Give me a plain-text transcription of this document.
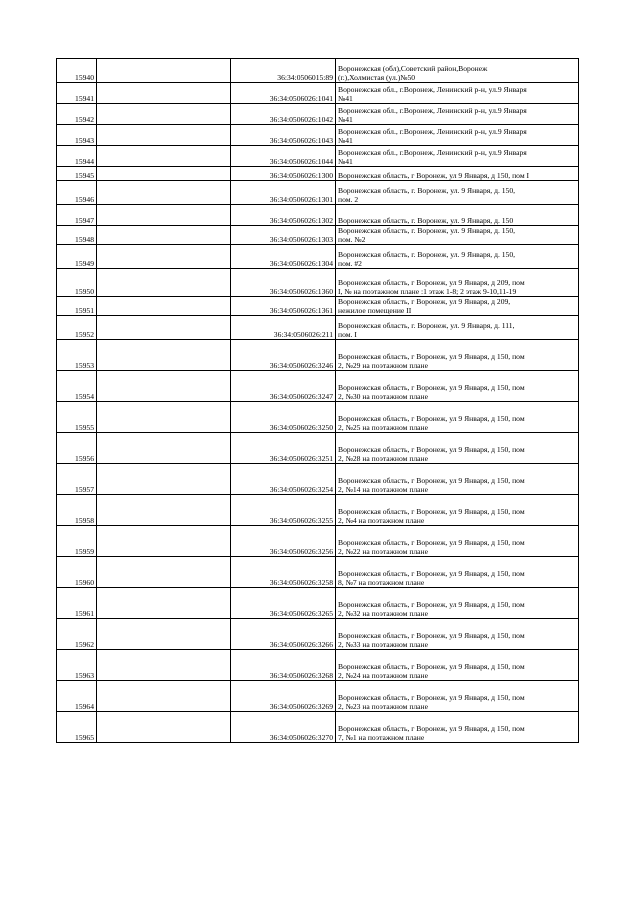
15940		36:34:0506015:89	Воронежская (обл),Советский район,Воронеж
(г.),Холмистая (ул.)№50
15941		36:34:0506026:1041	Воронежская обл., г.Воронеж, Ленинский р-н, ул.9 Января
№41
15942		36:34:0506026:1042	Воронежская обл., г.Воронеж, Ленинский р-н, ул.9 Января
№41
15943		36:34:0506026:1043	Воронежская обл., г.Воронеж, Ленинский р-н, ул.9 Января
№41
15944		36:34:0506026:1044	Воронежская обл., г.Воронеж, Ленинский р-н, ул.9 Января
№41
15945		36:34:0506026:1300	Воронежская область, г Воронеж, ул 9 Января, д 150, пом I
15946		36:34:0506026:1301	Воронежская область, г. Воронеж, ул. 9 Января, д. 150,
пом. 2
15947		36:34:0506026:1302	Воронежская область, г. Воронеж, ул. 9 Января, д. 150
15948		36:34:0506026:1303	Воронежская область, г. Воронеж, ул. 9 Января, д. 150,
пом. №2
15949		36:34:0506026:1304	Воронежская область, г. Воронеж, ул. 9 Января, д. 150,
пом. #2
15950		36:34:0506026:1360	Воронежская область, г Воронеж, ул 9 Января, д 209, пом
I, № на поэтажном плане :1 этаж 1-8; 2 этаж 9-10,11-19
15951		36:34:0506026:1361	Воронежская область, г Воронеж, ул 9 Января, д 209,
нежилое помещение II
15952		36:34:0506026:211	Воронежская область, г. Воронеж, ул. 9 Января, д. 111,
пом. I
15953		36:34:0506026:3246	Воронежская область, г Воронеж, ул 9 Января, д 150, пом
2, №29 на поэтажном плане
15954		36:34:0506026:3247	Воронежская область, г Воронеж, ул 9 Января, д 150, пом
2, №30 на поэтажном плане
15955		36:34:0506026:3250	Воронежская область, г Воронеж, ул 9 Января, д 150, пом
2, №25 на поэтажном плане
15956		36:34:0506026:3251	Воронежская область, г Воронеж, ул 9 Января, д 150, пом
2, №28 на поэтажном плане
15957		36:34:0506026:3254	Воронежская область, г Воронеж, ул 9 Января, д 150, пом
2, №14 на поэтажном плане
15958		36:34:0506026:3255	Воронежская область, г Воронеж, ул 9 Января, д 150, пом
2, №4 на поэтажном плане
15959		36:34:0506026:3256	Воронежская область, г Воронеж, ул 9 Января, д 150, пом
2, №22 на поэтажном плане
15960		36:34:0506026:3258	Воронежская область, г Воронеж, ул 9 Января, д 150, пом
8, №7 на поэтажном плане
15961		36:34:0506026:3265	Воронежская область, г Воронеж, ул 9 Января, д 150, пом
2, №32 на поэтажном плане
15962		36:34:0506026:3266	Воронежская область, г Воронеж, ул 9 Января, д 150, пом
2, №33 на поэтажном плане
15963		36:34:0506026:3268	Воронежская область, г Воронеж, ул 9 Января, д 150, пом
2, №24 на поэтажном плане
15964		36:34:0506026:3269	Воронежская область, г Воронеж, ул 9 Января, д 150, пом
2, №23 на поэтажном плане
15965		36:34:0506026:3270	Воронежская область, г Воронеж, ул 9 Января, д 150, пом
7, №1 на поэтажном плане
